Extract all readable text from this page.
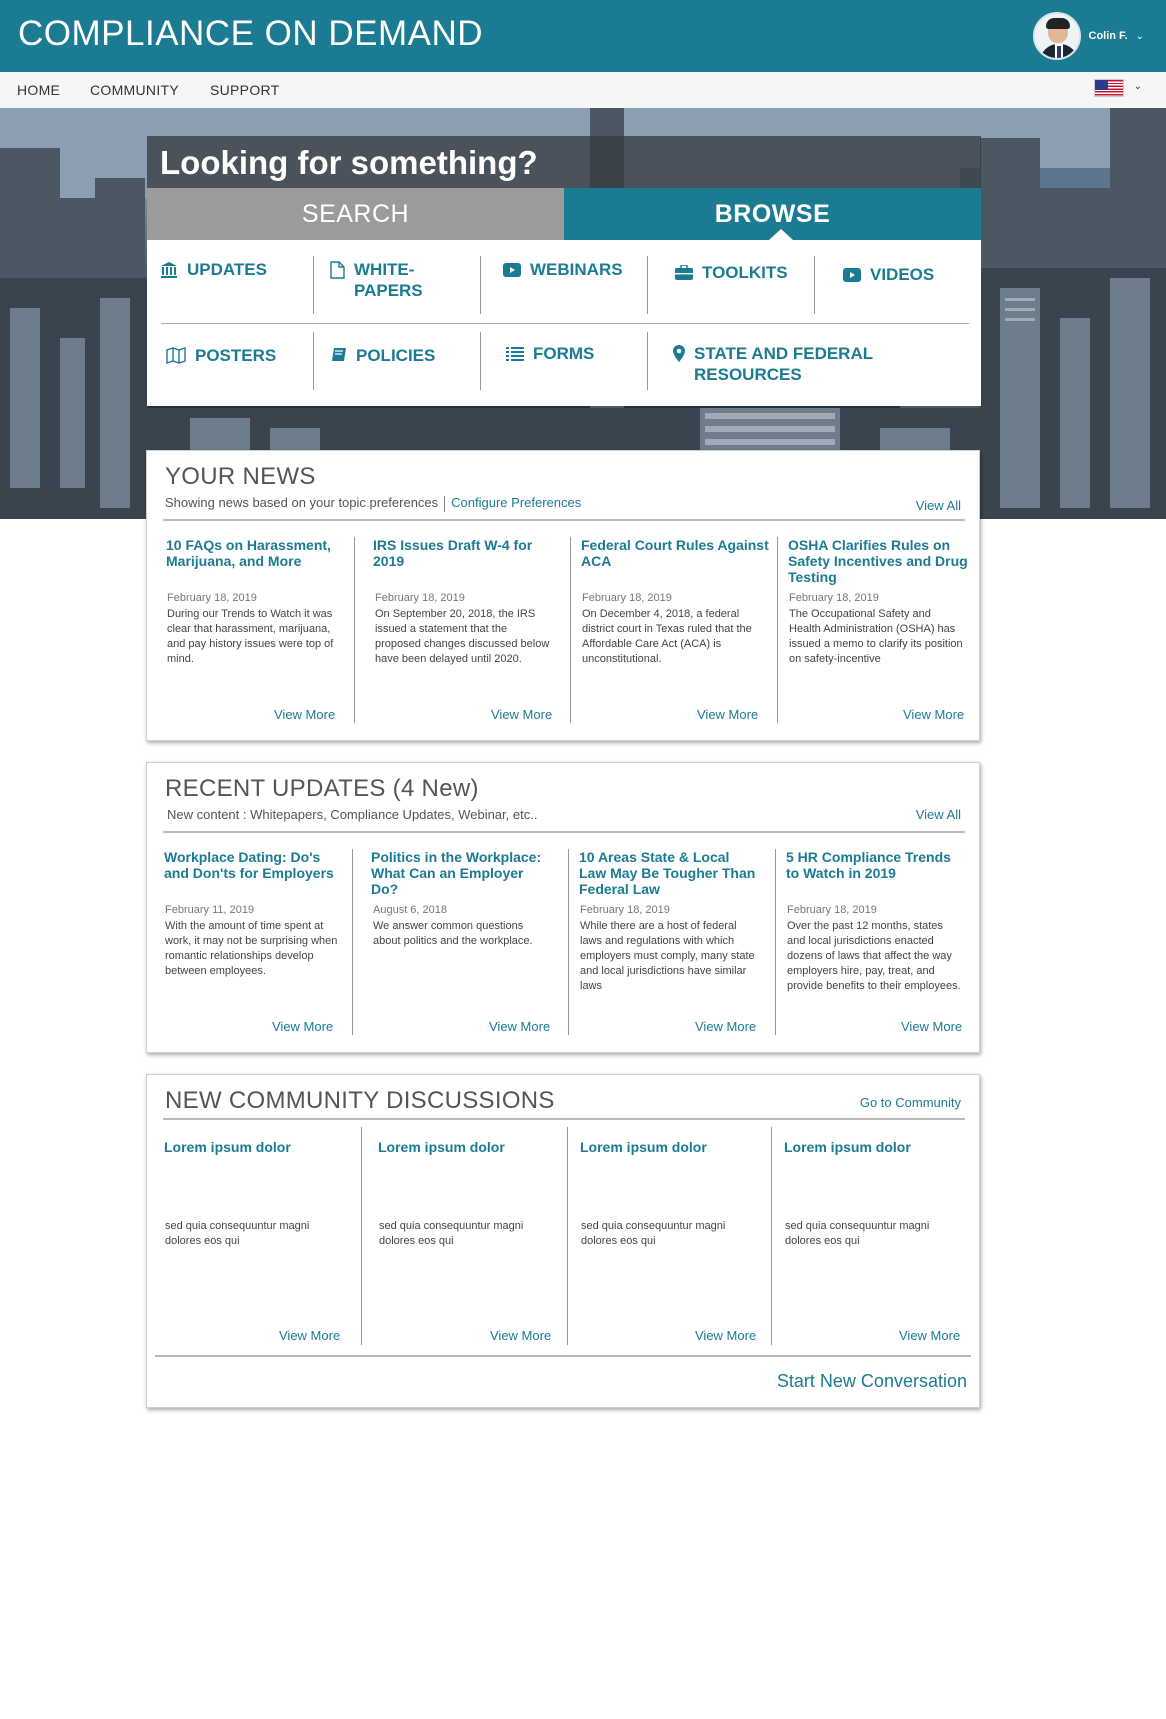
COMPLIANCE ON DEMAND	Colin F. ⌄
HOME COMMUNITY SUPPORT	⌄
Looking for something?
SEARCH	BROWSE
UPDATES	WHITE-
PAPERS
WEBINARS	TOOLKITS	VIDEOS
POSTERS	POLICIES	FORMS	STATE AND FEDERAL
RESOURCES
YOUR NEWS
Showing news based on your topic preferences Configure Preferences	View All
10 FAQs on Harassment, Marijuana, and More
February 18, 2019
During our Trends to Watch it was clear that harassment, marijuana, and pay history issues were top of mind.
View More
IRS Issues Draft W-4 for 2019
February 18, 2019
On September 20, 2018, the IRS issued a statement that the proposed changes discussed below have been delayed until 2020.
View More
Federal Court Rules Against ACA
February 18, 2019
On December 4, 2018, a federal district court in Texas ruled that the Affordable Care Act (ACA) is unconstitutional.
View More
OSHA Clarifies Rules on Safety Incentives and Drug Testing
February 18, 2019
The Occupational Safety and Health Administration (OSHA) has issued a memo to clarify its position on safety-incentive
View More
RECENT UPDATES (4 New)
New content : Whitepapers, Compliance Updates, Webinar, etc..	View All
Workplace Dating: Do's and Don'ts for Employers
February 11, 2019
With the amount of time spent at work, it may not be surprising when romantic relationships develop between employees.
View More
Politics in the Workplace: What Can an Employer Do?
August 6, 2018
We answer common questions about politics and the workplace.
View More
10 Areas State & Local Law May Be Tougher Than Federal Law
February 18, 2019
While there are a host of federal laws and regulations with which employers must comply, many state and local jurisdictions have similar laws
View More
5 HR Compliance Trends to Watch in 2019
February 18, 2019
Over the past 12 months, states and local jurisdictions enacted dozens of laws that affect the way employers hire, pay, treat, and provide benefits to their employees.
View More
NEW COMMUNITY DISCUSSIONS	Go to Community
Lorem ipsum dolor
sed quia consequuntur magni dolores eos qui
View More
Lorem ipsum dolor
sed quia consequuntur magni dolores eos qui
View More
Lorem ipsum dolor
sed quia consequuntur magni dolores eos qui
View More
Lorem ipsum dolor
sed quia consequuntur magni dolores eos qui
View More
Start New Conversation
